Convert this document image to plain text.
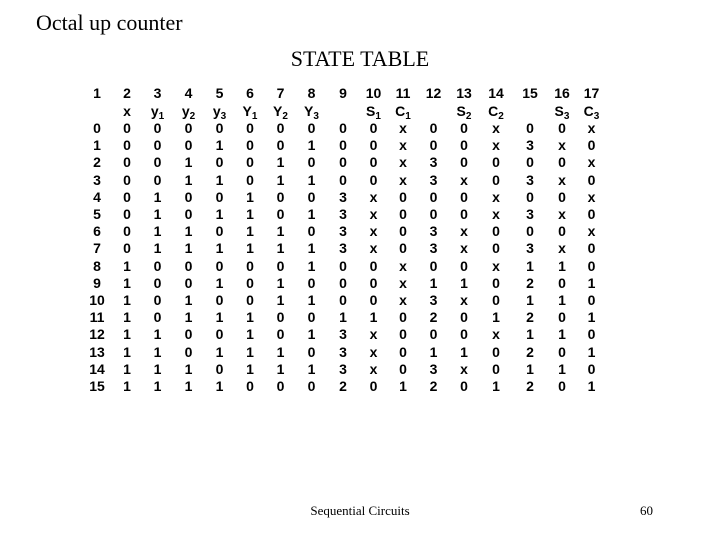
Octal up counter
STATE TABLE
1	2	3	4	5	6	7	8	9	10	11	12	13	14	15	16	17
	x	$y_1$	$y_2$	$y_3$	$Y_1$	$Y_2$	$Y_3$		$S_1$	$C_1$		$S_2$	$C_2$		$S_3$	$C_3$
0	0	0	0	0	0	0	0	0	0	x	0	0	x	0	0	x
1	0	0	0	1	0	0	1	0	0	x	0	0	x	3	x	0
2	0	0	1	0	0	1	0	0	0	x	3	0	0	0	0	x
3	0	0	1	1	0	1	1	0	0	x	3	x	0	3	x	0
4	0	1	0	0	1	0	0	3	x	0	0	0	x	0	0	x
5	0	1	0	1	1	0	1	3	x	0	0	0	x	3	x	0
6	0	1	1	0	1	1	0	3	x	0	3	x	0	0	0	x
7	0	1	1	1	1	1	1	3	x	0	3	x	0	3	x	0
8	1	0	0	0	0	0	1	0	0	x	0	0	x	1	1	0
9	1	0	0	1	0	1	0	0	0	x	1	1	0	2	0	1
10	1	0	1	0	0	1	1	0	0	x	3	x	0	1	1	0
11	1	0	1	1	1	0	0	1	1	0	2	0	1	2	0	1
12	1	1	0	0	1	0	1	3	x	0	0	0	x	1	1	0
13	1	1	0	1	1	1	0	3	x	0	1	1	0	2	0	1
14	1	1	1	0	1	1	1	3	x	0	3	x	0	1	1	0
15	1	1	1	1	0	0	0	2	0	1	2	0	1	2	0	1
Sequential Circuits	60
